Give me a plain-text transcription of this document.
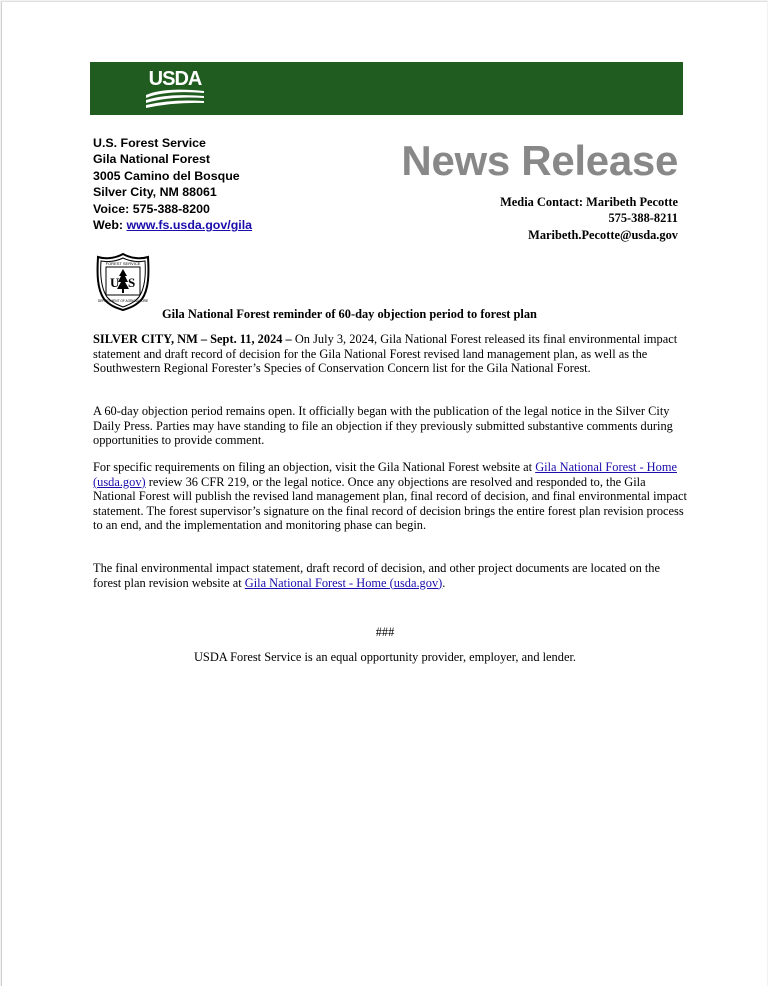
USDA
U.S. Forest Service
Gila National Forest
3005 Camino del Bosque
Silver City, NM 88061
Voice: 575-388-8200
Web: www.fs.usda.gov/gila
News Release
Media Contact: Maribeth Pecotte
575-388-8211
Maribeth.Pecotte@usda.gov
U S
FOREST SERVICE
DEPARTMENT OF AGRICULTURE
Gila National Forest reminder of 60-day objection period to forest plan

SILVER CITY, NM – Sept. 11, 2024 – On July 3, 2024, Gila National Forest released its final environmental impact statement and draft record of decision for the Gila National Forest revised land management plan, as well as the Southwestern Regional Forester’s Species of Conservation Concern list for the Gila National Forest.

A 60-day objection period remains open. It officially began with the publication of the legal notice in the Silver City Daily Press. Parties may have standing to file an objection if they previously submitted substantive comments during opportunities to provide comment.

For specific requirements on filing an objection, visit the Gila National Forest website at Gila National Forest - Home (usda.gov) review 36 CFR 219, or the legal notice. Once any objections are resolved and responded to, the Gila National Forest will publish the revised land management plan, final record of decision, and final environmental impact statement. The forest supervisor’s signature on the final record of decision brings the entire forest plan revision process to an end, and the implementation and monitoring phase can begin.

The final environmental impact statement, draft record of decision, and other project documents are located on the forest plan revision website at Gila National Forest - Home (usda.gov).

###
USDA Forest Service is an equal opportunity provider, employer, and lender.
